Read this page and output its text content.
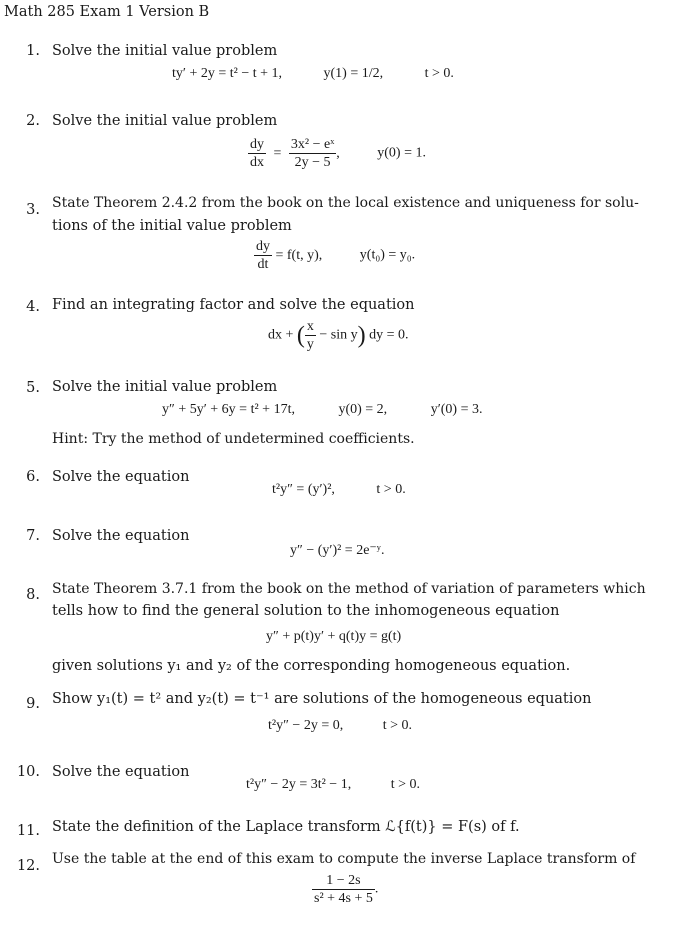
Math 285 Exam 1 Version B
1. Solve the initial value problem
ty′ + 2y = t² − t + 1,	y(1) = 1/2,	t > 0.
2. Solve the initial value problem
$\frac{dy}{dx} = \frac{\text{3x² − eˣ}}{2y - 5}$ ,	y(0) = 1.
3. State Theorem 2.4.2 from the book on the local existence and uniqueness for solu-
tions of the initial value problem
$\frac{dy}{dt} = f(t$, y),	y(t₀) = y₀.
4. Find an integrating factor and solve the equation
dx + ( $\frac{x}{y} - \sin y$) dy = 0.
5. Solve the initial value problem
y″ + 5y′ + 6y = t² + 17t,	y(0) = 2,	y′(0) = 3.
Hint: Try the method of undetermined coefficients.
6. Solve the equation
t²y″ = (y′)²,	t > 0.
7. Solve the equation
y″ − (y′)² = 2e⁻ʸ.
8. State Theorem 3.7.1 from the book on the method of variation of parameters which
tells how to find the general solution to the inhomogeneous equation
y″ + p(t)y′ + q(t)y = g(t)
given solutions y₁ and y₂ of the corresponding homogeneous equation.
9. Show y₁(t) = t² and y₂(t) = t⁻¹ are solutions of the homogeneous equation
t²y″ − 2y = 0,	t > 0.
10. Solve the equation
t²y″ − 2y = 3t² − 1,	t > 0.
11. State the definition of the Laplace transform ℒ{f(t)} = F(s) of f.
12. Use the table at the end of this exam to compute the inverse Laplace transform of
$\frac{1 - 2s}{\text{s² + 4s + 5}}$ .
